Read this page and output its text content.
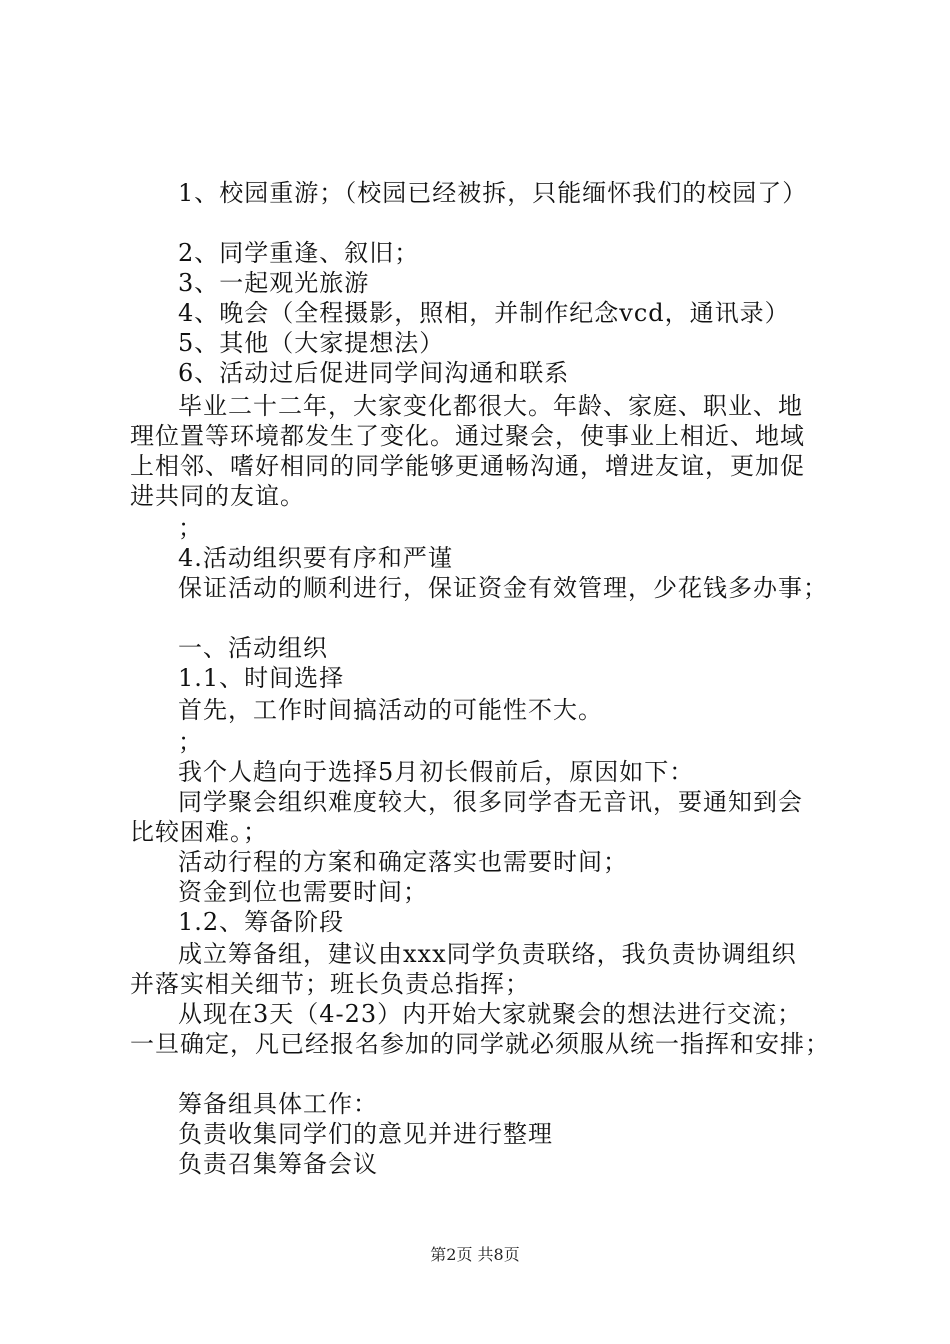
1、校园重游；（校园已经被拆，只能缅怀我们的校园了）
2、同学重逢、叙旧；
3、一起观光旅游
4、晚会（全程摄影，照相，并制作纪念vcd，通讯录）
5、其他（大家提想法）
6、活动过后促进同学间沟通和联系
毕业二十二年，大家变化都很大。年龄、家庭、职业、地
理位置等环境都发生了变化。通过聚会，使事业上相近、地域
上相邻、嗜好相同的同学能够更通畅沟通，增进友谊，更加促
进共同的友谊。
；
4.活动组织要有序和严谨
保证活动的顺利进行，保证资金有效管理，少花钱多办事；
一、活动组织
1.1、时间选择
首先，工作时间搞活动的可能性不大。
；
我个人趋向于选择5月初长假前后，原因如下：
同学聚会组织难度较大，很多同学杳无音讯，要通知到会
比较困难。；
活动行程的方案和确定落实也需要时间；
资金到位也需要时间；
1.2、筹备阶段
成立筹备组，建议由xxx同学负责联络，我负责协调组织
并落实相关细节；班长负责总指挥；
从现在3天（4-23）内开始大家就聚会的想法进行交流；
一旦确定，凡已经报名参加的同学就必须服从统一指挥和安排；
筹备组具体工作：
负责收集同学们的意见并进行整理
负责召集筹备会议
第2页 共8页
